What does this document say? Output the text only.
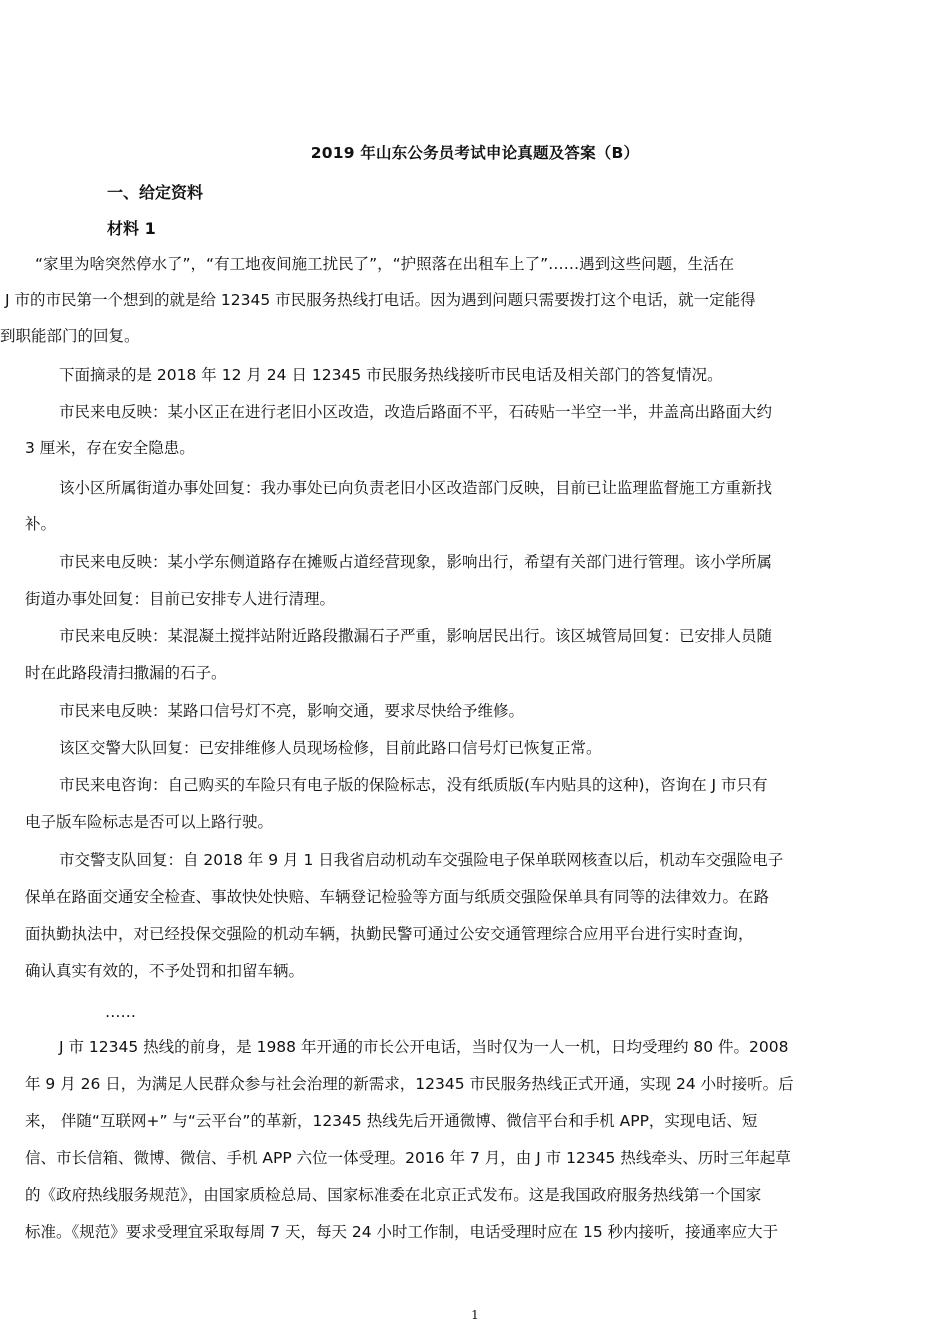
2019 年山东公务员考试申论真题及答案（B）
一、给定资料
材料 1
“家里为啥突然停水了”，“有工地夜间施工扰民了”，“护照落在出租车上了”……遇到这些问题，生活在
J 市的市民第一个想到的就是给 12345 市民服务热线打电话。因为遇到问题只需要拨打这个电话，就一定能得
到职能部门的回复。
下面摘录的是 2018 年 12 月 24 日 12345 市民服务热线接听市民电话及相关部门的答复情况。
市民来电反映：某小区正在进行老旧小区改造，改造后路面不平，石砖贴一半空一半，井盖高出路面大约
3 厘米，存在安全隐患。
该小区所属街道办事处回复：我办事处已向负责老旧小区改造部门反映，目前已让监理监督施工方重新找
补。
市民来电反映：某小学东侧道路存在摊贩占道经营现象，影响出行，希望有关部门进行管理。该小学所属
街道办事处回复：目前已安排专人进行清理。
市民来电反映：某混凝土搅拌站附近路段撒漏石子严重，影响居民出行。该区城管局回复：已安排人员随
时在此路段清扫撒漏的石子。
市民来电反映：某路口信号灯不亮，影响交通，要求尽快给予维修。
该区交警大队回复：已安排维修人员现场检修，目前此路口信号灯已恢复正常。
市民来电咨询：自己购买的车险只有电子版的保险标志，没有纸质版(车内贴具的这种)，咨询在 J 市只有
电子版车险标志是否可以上路行驶。
市交警支队回复：自 2018 年 9 月 1 日我省启动机动车交强险电子保单联网核查以后，机动车交强险电子
保单在路面交通安全检查、事故快处快赔、车辆登记检验等方面与纸质交强险保单具有同等的法律效力。在路
面执勤执法中，对已经投保交强险的机动车辆，执勤民警可通过公安交通管理综合应用平台进行实时查询，
确认真实有效的，不予处罚和扣留车辆。
……
J 市 12345 热线的前身，是 1988 年开通的市长公开电话，当时仅为一人一机，日均受理约 80 件。2008
年 9 月 26 日，为满足人民群众参与社会治理的新需求，12345 市民服务热线正式开通，实现 24 小时接听。后
来， 伴随“互联网+” 与“云平台”的革新，12345 热线先后开通微博、微信平台和手机 APP，实现电话、短
信、市长信箱、微博、微信、手机 APP 六位一体受理。2016 年 7 月，由 J 市 12345 热线牵头、历时三年起草
的《政府热线服务规范》，由国家质检总局、国家标准委在北京正式发布。这是我国政府服务热线第一个国家
标准。《规范》要求受理宜采取每周 7 天，每天 24 小时工作制，电话受理时应在 15 秒内接听，接通率应大于
1
